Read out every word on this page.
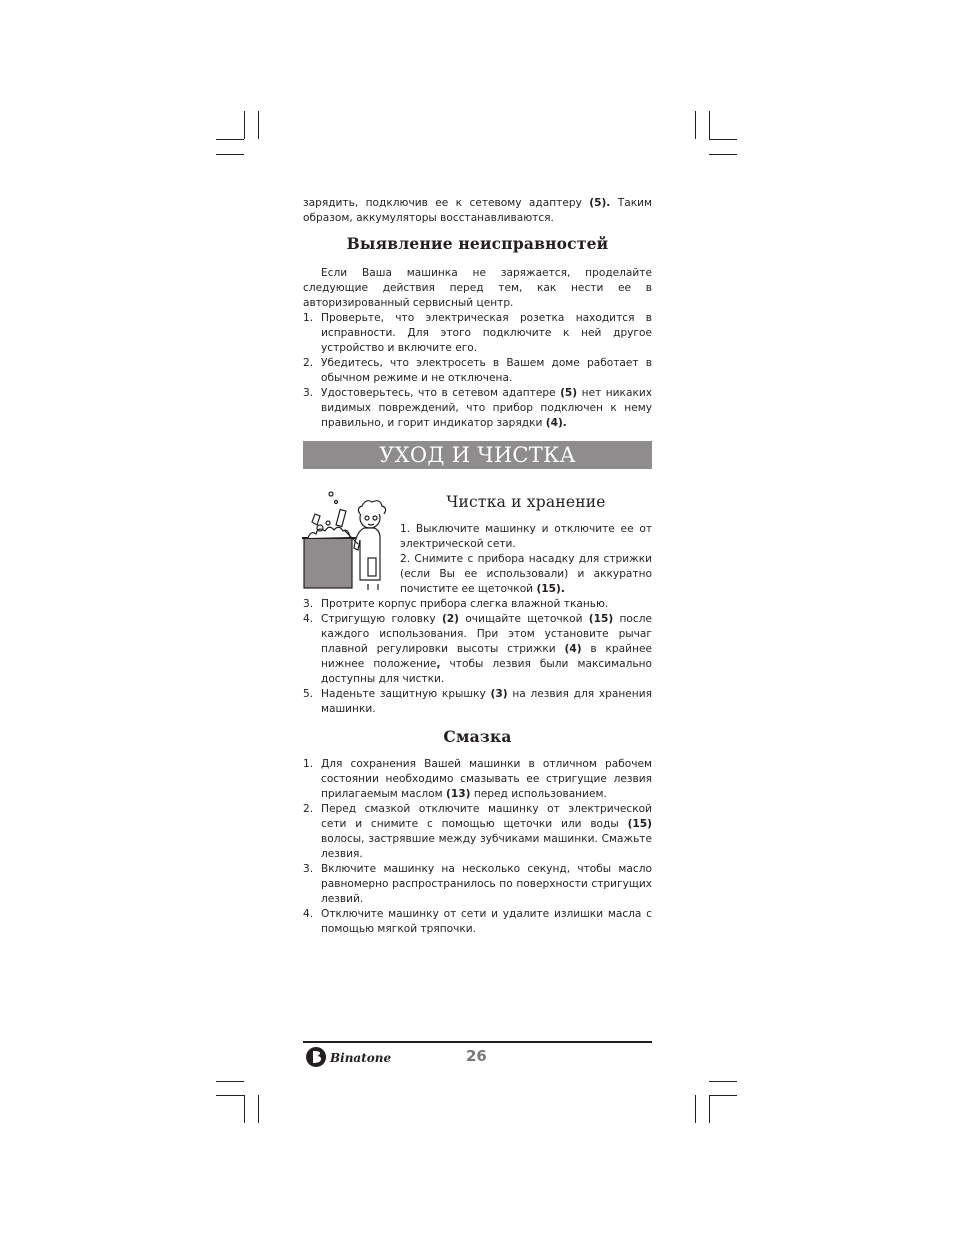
зарядить, подключив ее к сетевому адаптеру (5). Таким образом, аккумуляторы восстанавливаются.

Выявление неисправностей

Если Ваша машинка не заряжается, проделайте следующие действия перед тем, как нести ее в авторизированный сервисный центр.

1. Проверьте, что электрическая розетка находится в исправности. Для этого подключите к ней другое устройство и включите его.
2. Убедитесь, что электросеть в Вашем доме работает в обычном режиме и не отключена.
3. Удостоверьтесь, что в сетевом адаптере (5) нет никаких видимых повреждений, что прибор подключен к нему правильно, и горит индикатор зарядки (4).
УХОД И ЧИСТКА
Чистка и хранение

1. Выключите машинку и отключите ее от электрической сети.

2. Снимите с прибора насадку для стрижки (если Вы ее использовали) и аккуратно почистите ее щеточкой (15).

3. Протрите корпус прибора слегка влажной тканью.
4. Стригущую головку (2) очищайте щеточкой (15) после каждого использования. При этом установите рычаг плавной регулировки высоты стрижки (4) в крайнее нижнее положение, чтобы лезвия были максимально доступны для чистки.
5. Наденьте защитную крышку (3) на лезвия для хранения машинки.
Смазка
1. Для сохранения Вашей машинки в отличном рабочем состоянии необходимо смазывать ее стригущие лезвия прилагаемым маслом (13) перед использованием.
2. Перед смазкой отключите машинку от электрической сети и снимите с помощью щеточки или воды (15) волосы, застрявшие между зубчиками машинки. Смажьте лезвия.
3. Включите машинку на несколько секунд, чтобы масло равномерно распространилось по поверхности стригущих лезвий.
4. Отключите машинку от сети и удалите излишки масла с помощью мягкой тряпочки.
Binatone	26
